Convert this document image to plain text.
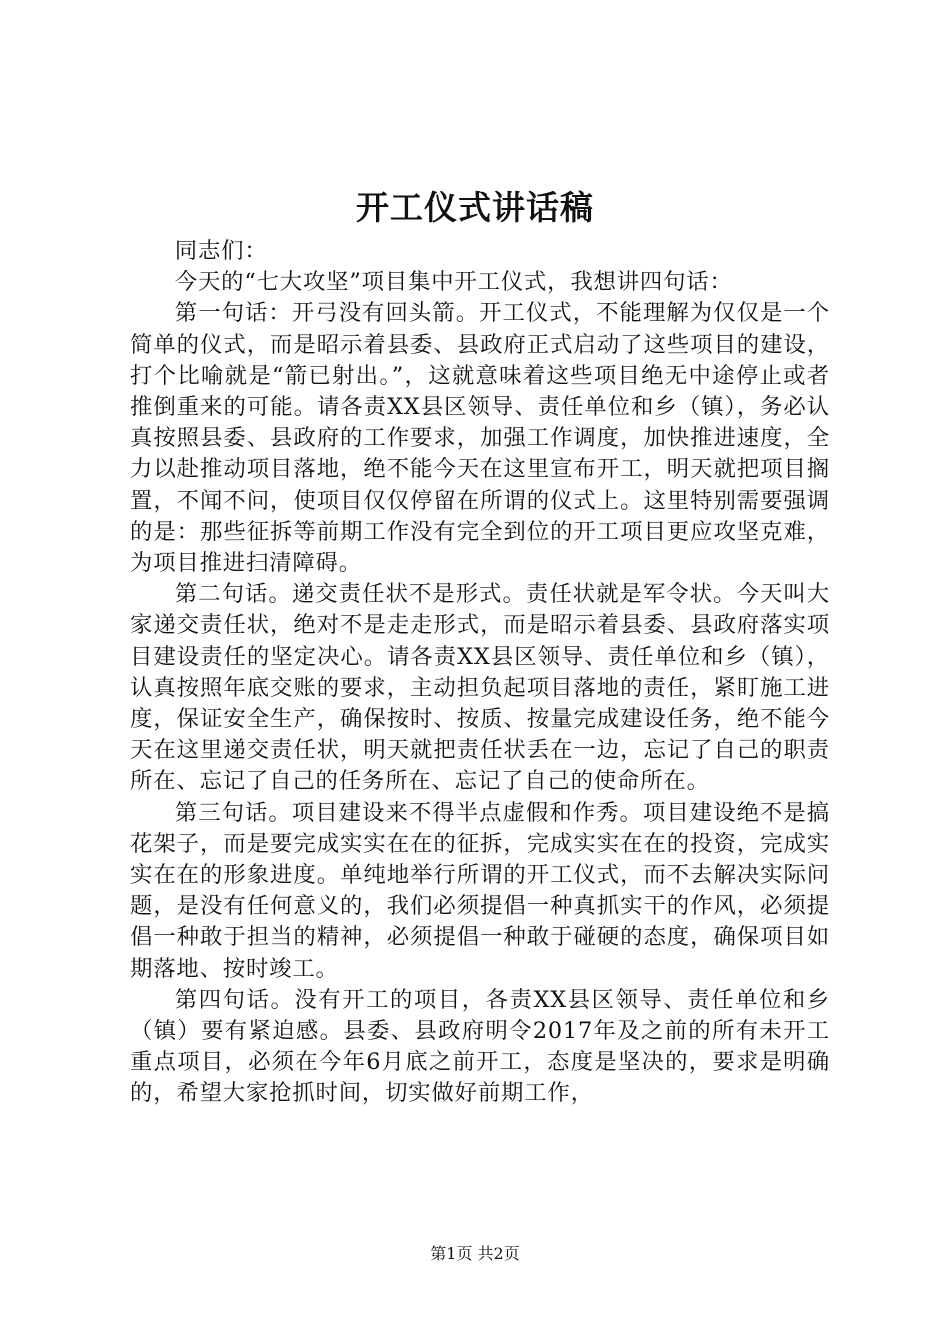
开工仪式讲话稿

同志们：

今天的“七大攻坚”项目集中开工仪式，我想讲四句话：

第一句话：开弓没有回头箭。开工仪式，不能理解为仅仅是一个简单的仪式，而是昭示着县委、县政府正式启动了这些项目的建设，打个比喻就是“箭已射出。”，这就意味着这些项目绝无中途停止或者推倒重来的可能。请各责XX县区领导、责任单位和乡（镇），务必认真按照县委、县政府的工作要求，加强工作调度，加快推进速度，全力以赴推动项目落地，绝不能今天在这里宣布开工，明天就把项目搁置，不闻不问，使项目仅仅停留在所谓的仪式上。这里特别需要强调的是：那些征拆等前期工作没有完全到位的开工项目更应攻坚克难，为项目推进扫清障碍。

第二句话。递交责任状不是形式。责任状就是军令状。今天叫大家递交责任状，绝对不是走走形式，而是昭示着县委、县政府落实项目建设责任的坚定决心。请各责XX县区领导、责任单位和乡（镇），认真按照年底交账的要求，主动担负起项目落地的责任，紧盯施工进度，保证安全生产，确保按时、按质、按量完成建设任务，绝不能今天在这里递交责任状，明天就把责任状丢在一边，忘记了自己的职责所在、忘记了自己的任务所在、忘记了自己的使命所在。

第三句话。项目建设来不得半点虚假和作秀。项目建设绝不是搞花架子，而是要完成实实在在的征拆，完成实实在在的投资，完成实实在在的形象进度。单纯地举行所谓的开工仪式，而不去解决实际问题，是没有任何意义的，我们必须提倡一种真抓实干的作风，必须提倡一种敢于担当的精神，必须提倡一种敢于碰硬的态度，确保项目如期落地、按时竣工。

第四句话。没有开工的项目，各责XX县区领导、责任单位和乡（镇）要有紧迫感。县委、县政府明令2017年及之前的所有未开工重点项目，必须在今年6月底之前开工，态度是坚决的，要求是明确的，希望大家抢抓时间，切实做好前期工作，

第1页 共2页
